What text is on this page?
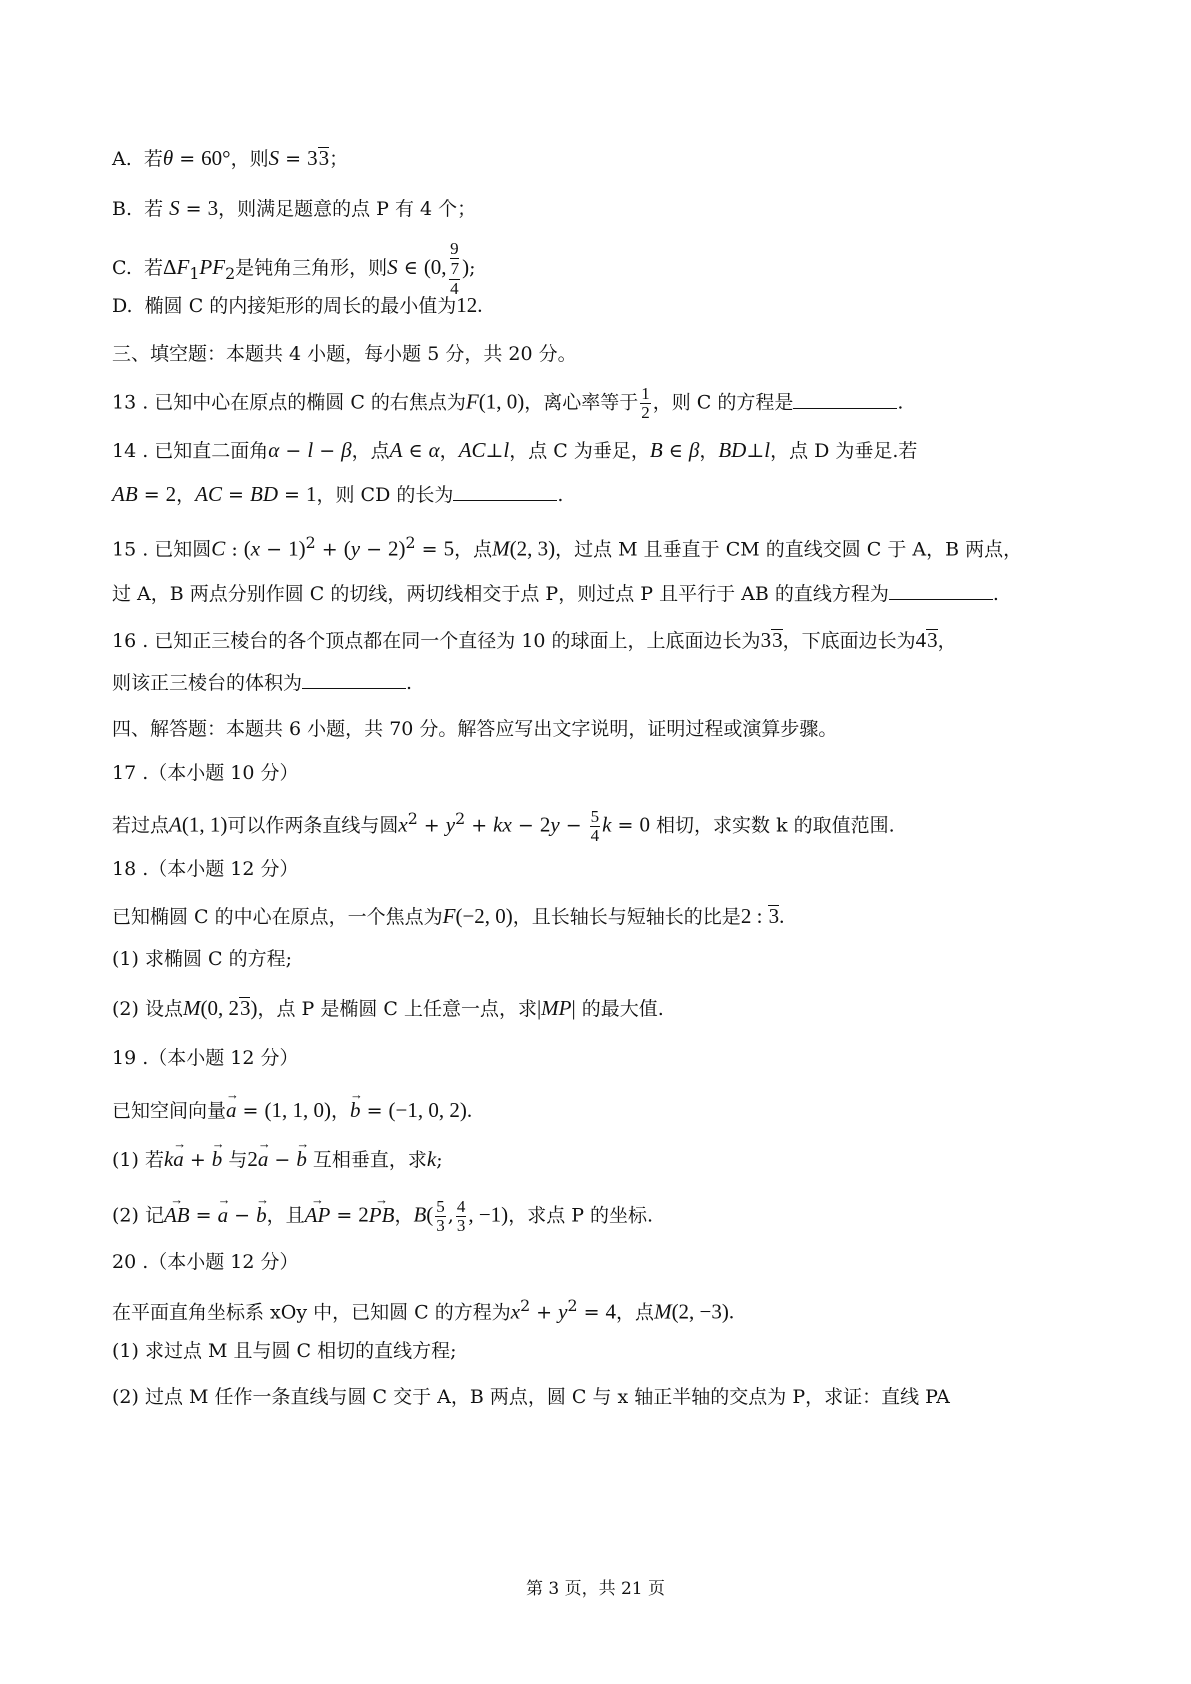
A.  若θ = 60°，则S = 33；
B.  若 S = 3，则满足题意的点 P 有 4 个；
C.  若$\Delta F_1PF_2$是钝角三角形，则S ∈ (0, 9
7
4 );
D.  椭圆 C 的内接矩形的周长的最小值为12.
三、填空题：本题共 4 小题，每小题 5 分，共 20 分。
13 . 已知中心在原点的椭圆 C 的右焦点为F(1, 0)，离心率等于 $\frac{1}{2}$ ，则 C 的方程是	.
14 . 已知直二面角α − l − β，点A ∈ α，AC⊥l，点 C 为垂足，B ∈ β，BD⊥l，点 D 为垂足.若
AB = 2，AC = BD = 1，则 CD 的长为	.
15 . 已知圆C : $(x - 1)^2 + (y - 2)^2 = 5$，点M(2, 3)，过点 M 且垂直于 CM 的直线交圆 C 于 A，B 两点，
过 A，B 两点分别作圆 C 的切线，两切线相交于点 P，则过点 P 且平行于 AB 的直线方程为	.
16 . 已知正三棱台的各个顶点都在同一个直径为 10 的球面上，上底面边长为33，下底面边长为43，
则该正三棱台的体积为	.
四、解答题：本题共 6 小题，共 70 分。解答应写出文字说明，证明过程或演算步骤。
17 .（本小题 10 分）
若过点A(1, 1)可以作两条直线与圆$x^2 + y^2$ + kx − $2y - \frac{5}{4}$ k = 0 相切，求实数 k 的取值范围.
18 .（本小题 12 分）
已知椭圆 C 的中心在原点，一个焦点为F(−2, 0)，且长轴长与短轴长的比是2 : 3.
(1) 求椭圆 C 的方程;
(2) 设点M(0, 23)，点 P 是椭圆 C 上任意一点，求|MP| 的最大值.
19 .（本小题 12 分）
已知空间向量→ a = (1, 1, 0)，→ b = (−1, 0, 2).
(1) 若k→ a + → b 与2→ a − → b 互相垂直，求k;
(2) 记→ AB = → a − → b，且→ AP = 2→ PB，$B( \frac{5}{3}$ , $\frac{4}{3}$ , −1)，求点 P 的坐标.
20 .（本小题 12 分）
在平面直角坐标系 xOy 中，已知圆 C 的方程为$x^2 + y^2 = 4$，点M(2, −3).
(1) 求过点 M 且与圆 C 相切的直线方程;
(2) 过点 M 任作一条直线与圆 C 交于 A，B 两点，圆 C 与 x 轴正半轴的交点为 P，求证：直线 PA
第 3 页，共 21 页
